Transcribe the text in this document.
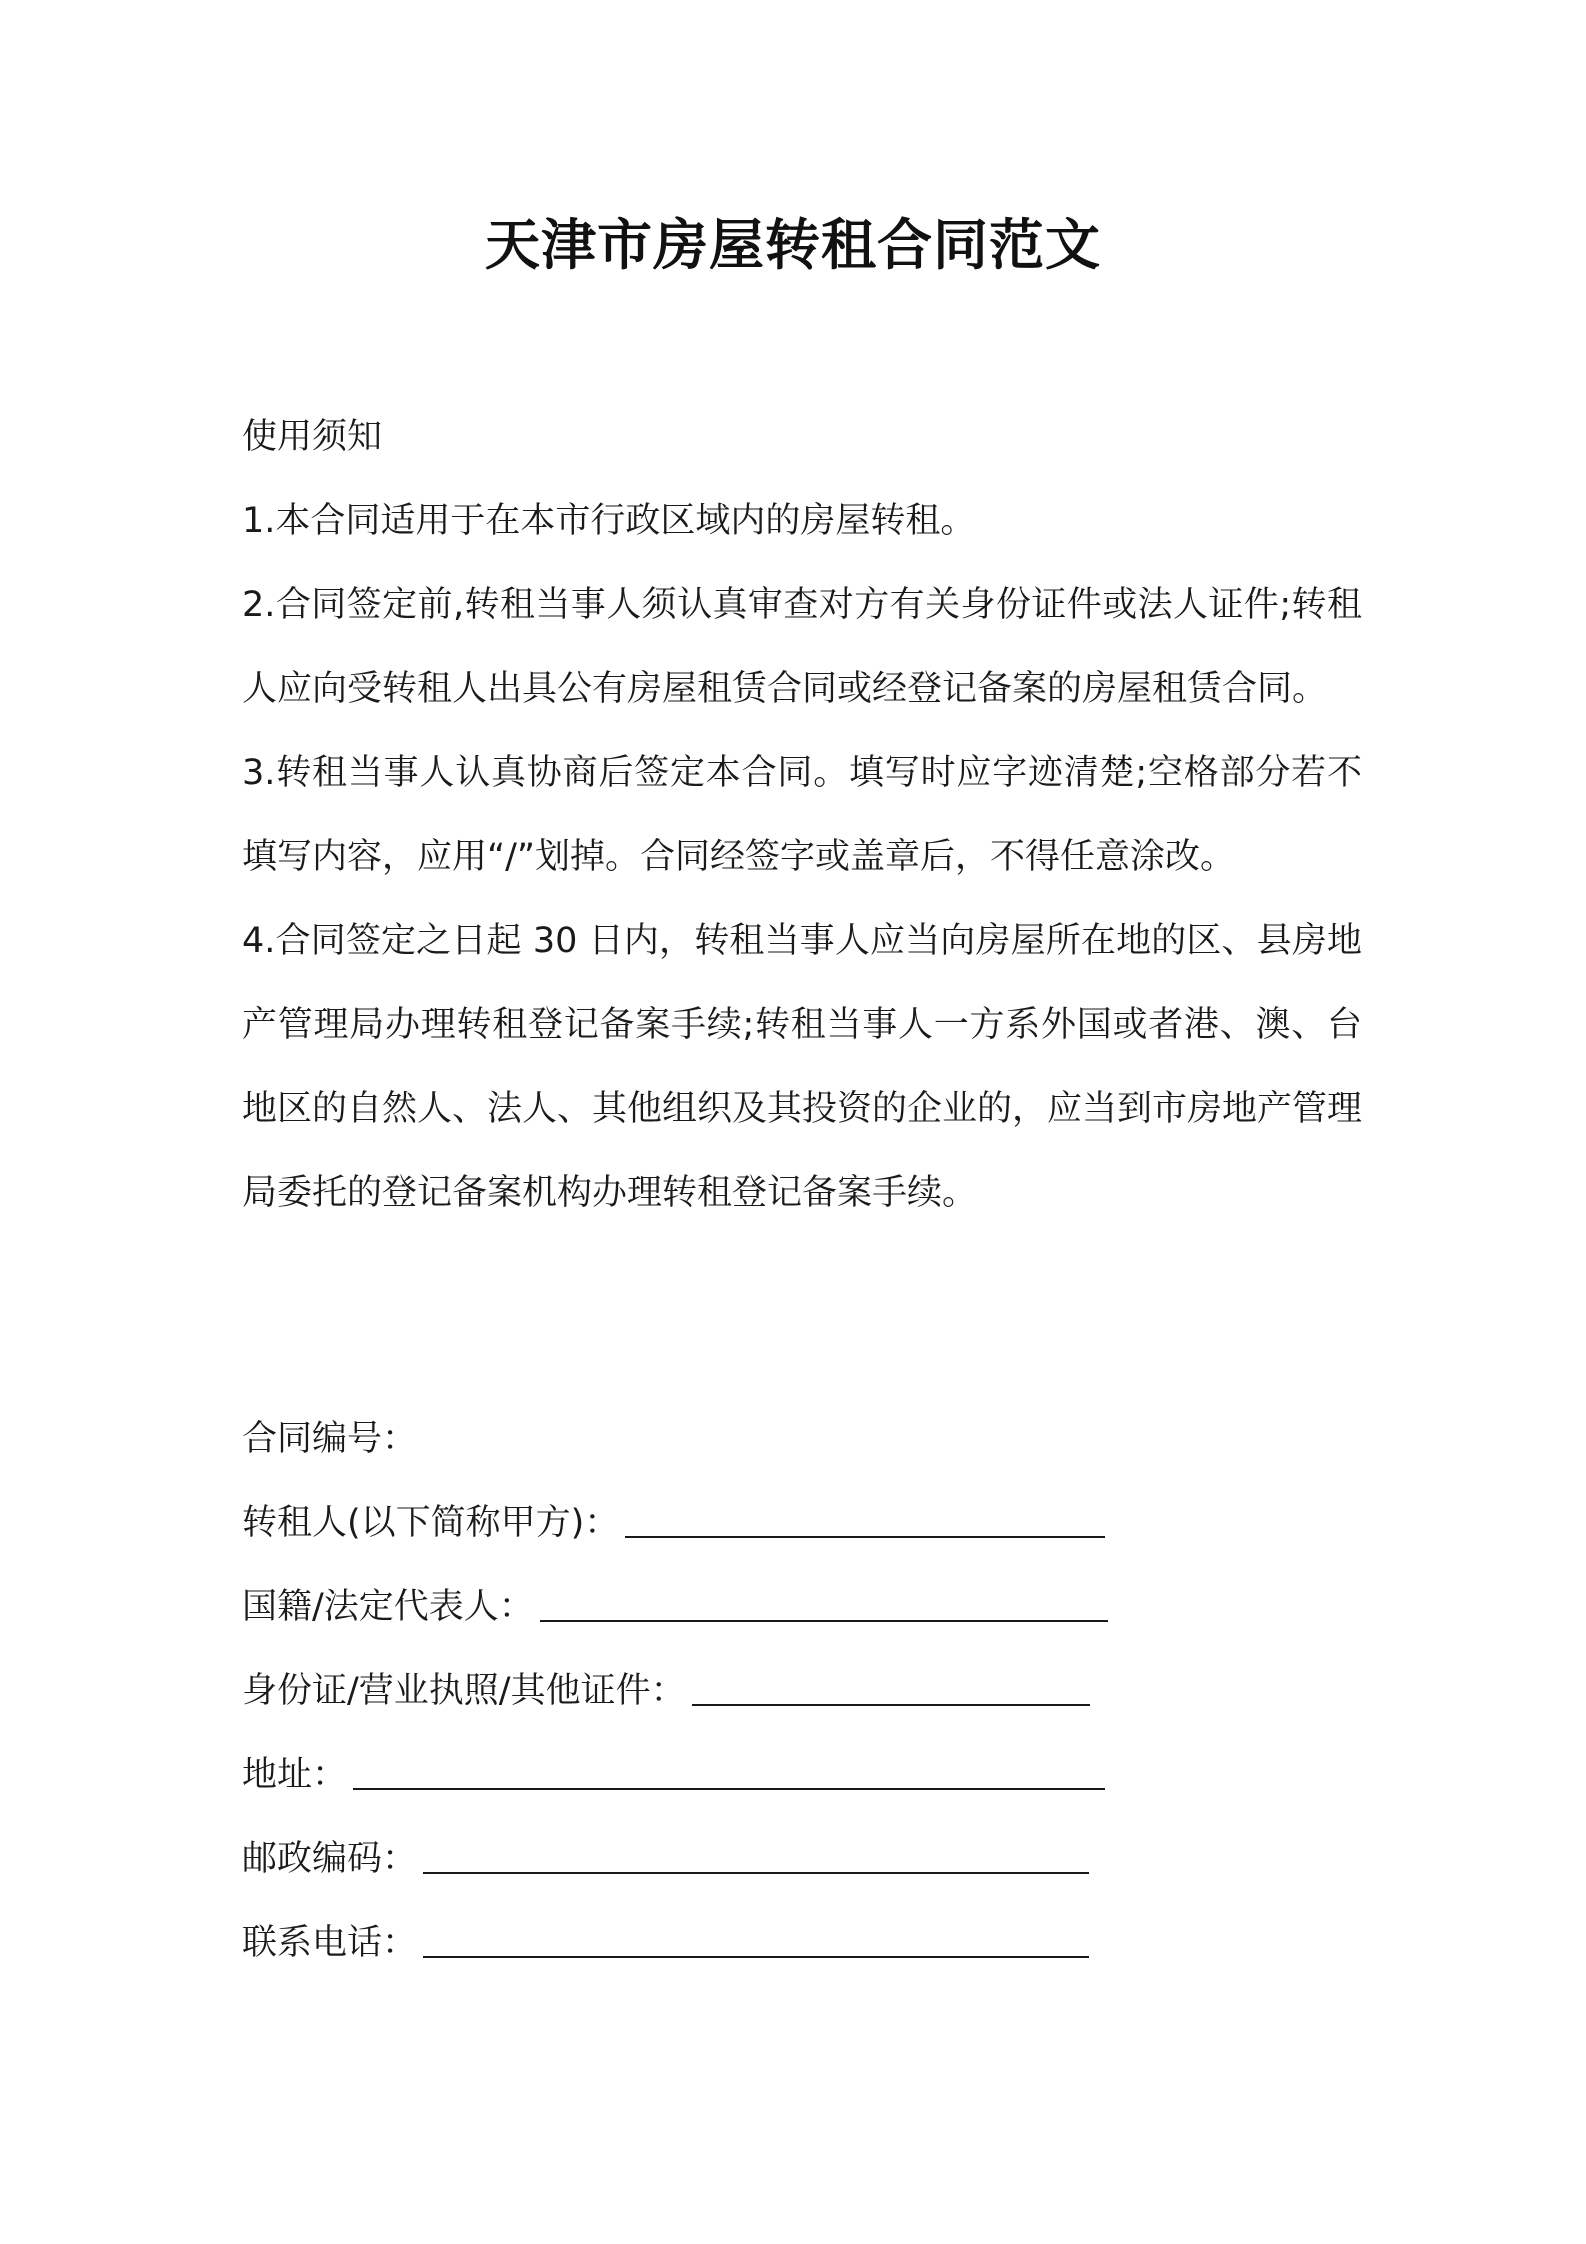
天津市房屋转租合同范文

使用须知

1.本合同适用于在本市行政区域内的房屋转租。

2.合同签定前,转租当事人须认真审查对方有关身份证件或法人证件;转租人应向受转租人出具公有房屋租赁合同或经登记备案的房屋租赁合同。

3.转租当事人认真协商后签定本合同。填写时应字迹清楚;空格部分若不填写内容，应用“/”划掉。合同经签字或盖章后，不得任意涂改。

4.合同签定之日起 30 日内，转租当事人应当向房屋所在地的区、县房地产管理局办理转租登记备案手续;转租当事人一方系外国或者港、澳、台地区的自然人、法人、其他组织及其投资的企业的，应当到市房地产管理局委托的登记备案机构办理转租登记备案手续。

合同编号：

转租人(以下简称甲方)：
国籍/法定代表人：
身份证/营业执照/其他证件：
地址：
邮政编码：
联系电话：
